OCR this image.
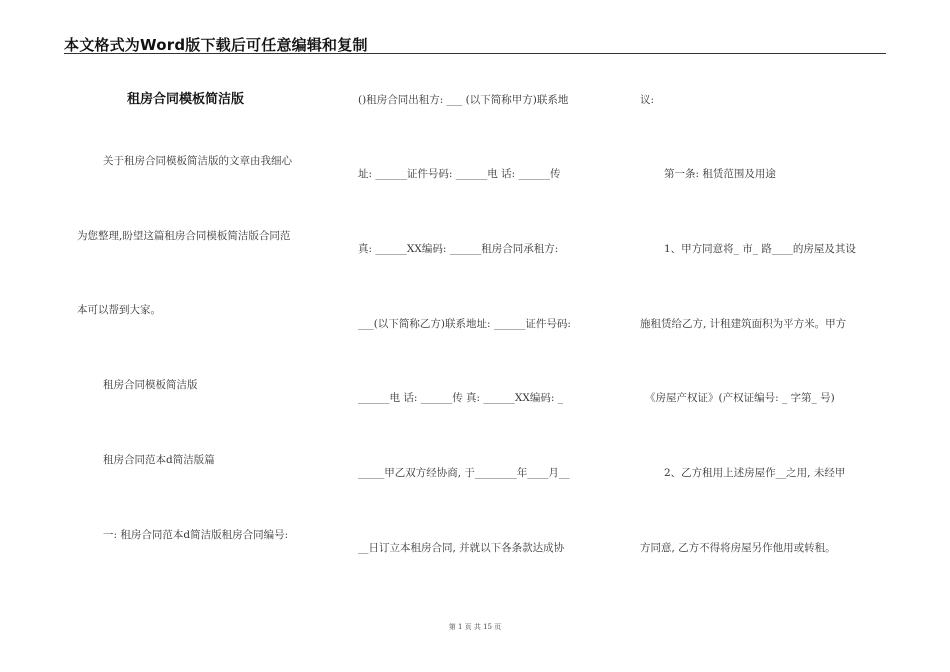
本文格式为Word版下载后可任意编辑和复制
租房合同模板简洁版
关于租房合同模板简洁版的文章由我细心
为您整理,盼望这篇租房合同模板简洁版合同范
本可以帮到大家。
租房合同模板简洁版
租房合同范本d简洁版篇
一: 租房合同范本d简洁版租房合同编号:
()租房合同出租方: ___ (以下简称甲方)联系地
址: ______证件号码: ______电 话: ______传
真: ______XX编码: ______租房合同承租方:
___(以下简称乙方)联系地址: ______证件号码:
______电 话: ______传 真: ______XX编码: _
_____甲乙双方经协商, 于________年____月__
__日订立本租房合同, 并就以下各条款达成协
议:
第一条: 租赁范围及用途
1、甲方同意将_ 市_ 路____的房屋及其设
施租赁给乙方, 计租建筑面积为平方米。甲方
《房屋产权证》(产权证编号: _ 字第_ 号)
2、乙方租用上述房屋作__之用, 未经甲
方同意, 乙方不得将房屋另作他用或转租。
第 1 页 共 15 页
